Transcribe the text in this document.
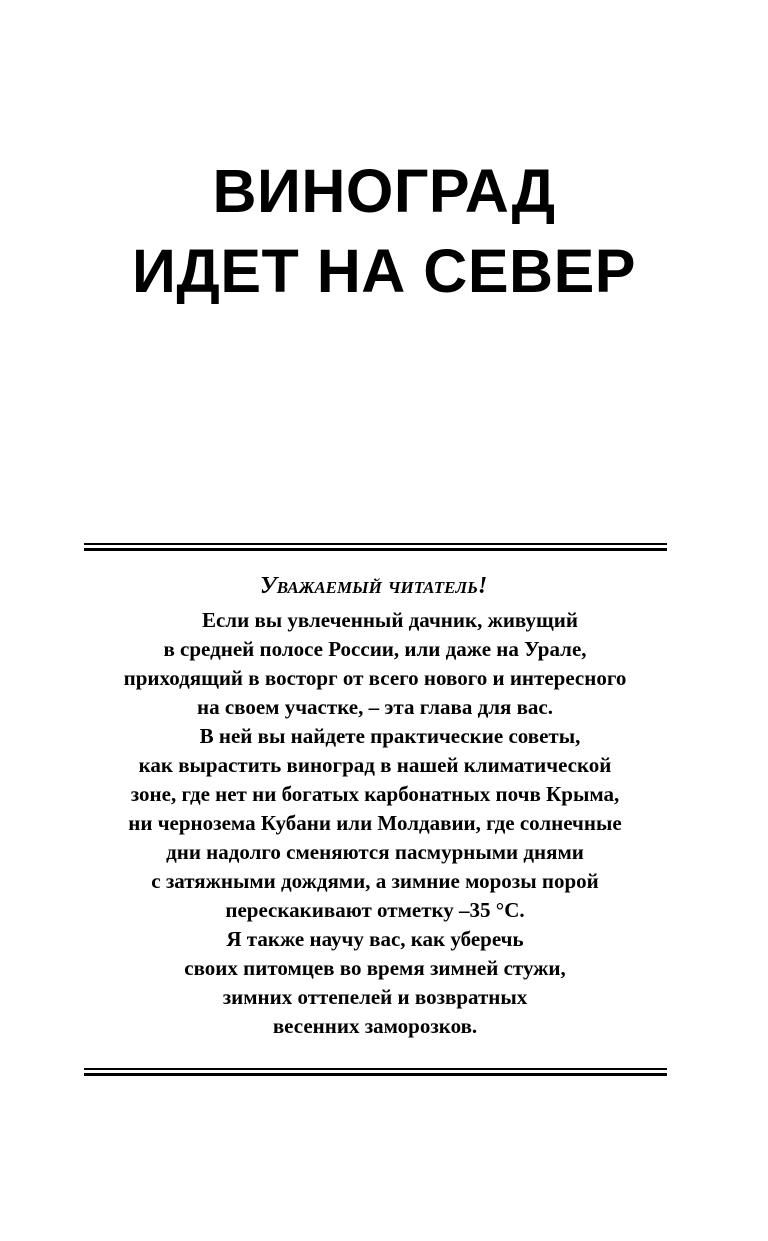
ВИНОГРАД
ИДЕТ НА СЕВЕР
Уважаемый читатель!
Если вы увлеченный дачник, живущий
в средней полосе России, или даже на Урале,
приходящий в восторг от всего нового и интересного
на своем участке, – эта глава для вас.
В ней вы найдете практические советы,
как вырастить виноград в нашей климатической
зоне, где нет ни богатых карбонатных почв Крыма,
ни чернозема Кубани или Молдавии, где солнечные
дни надолго сменяются пасмурными днями
с затяжными дождями, а зимние морозы порой
перескакивают отметку –35 °С.
Я также научу вас, как уберечь
своих питомцев во время зимней стужи,
зимних оттепелей и возвратных
весенних заморозков.
